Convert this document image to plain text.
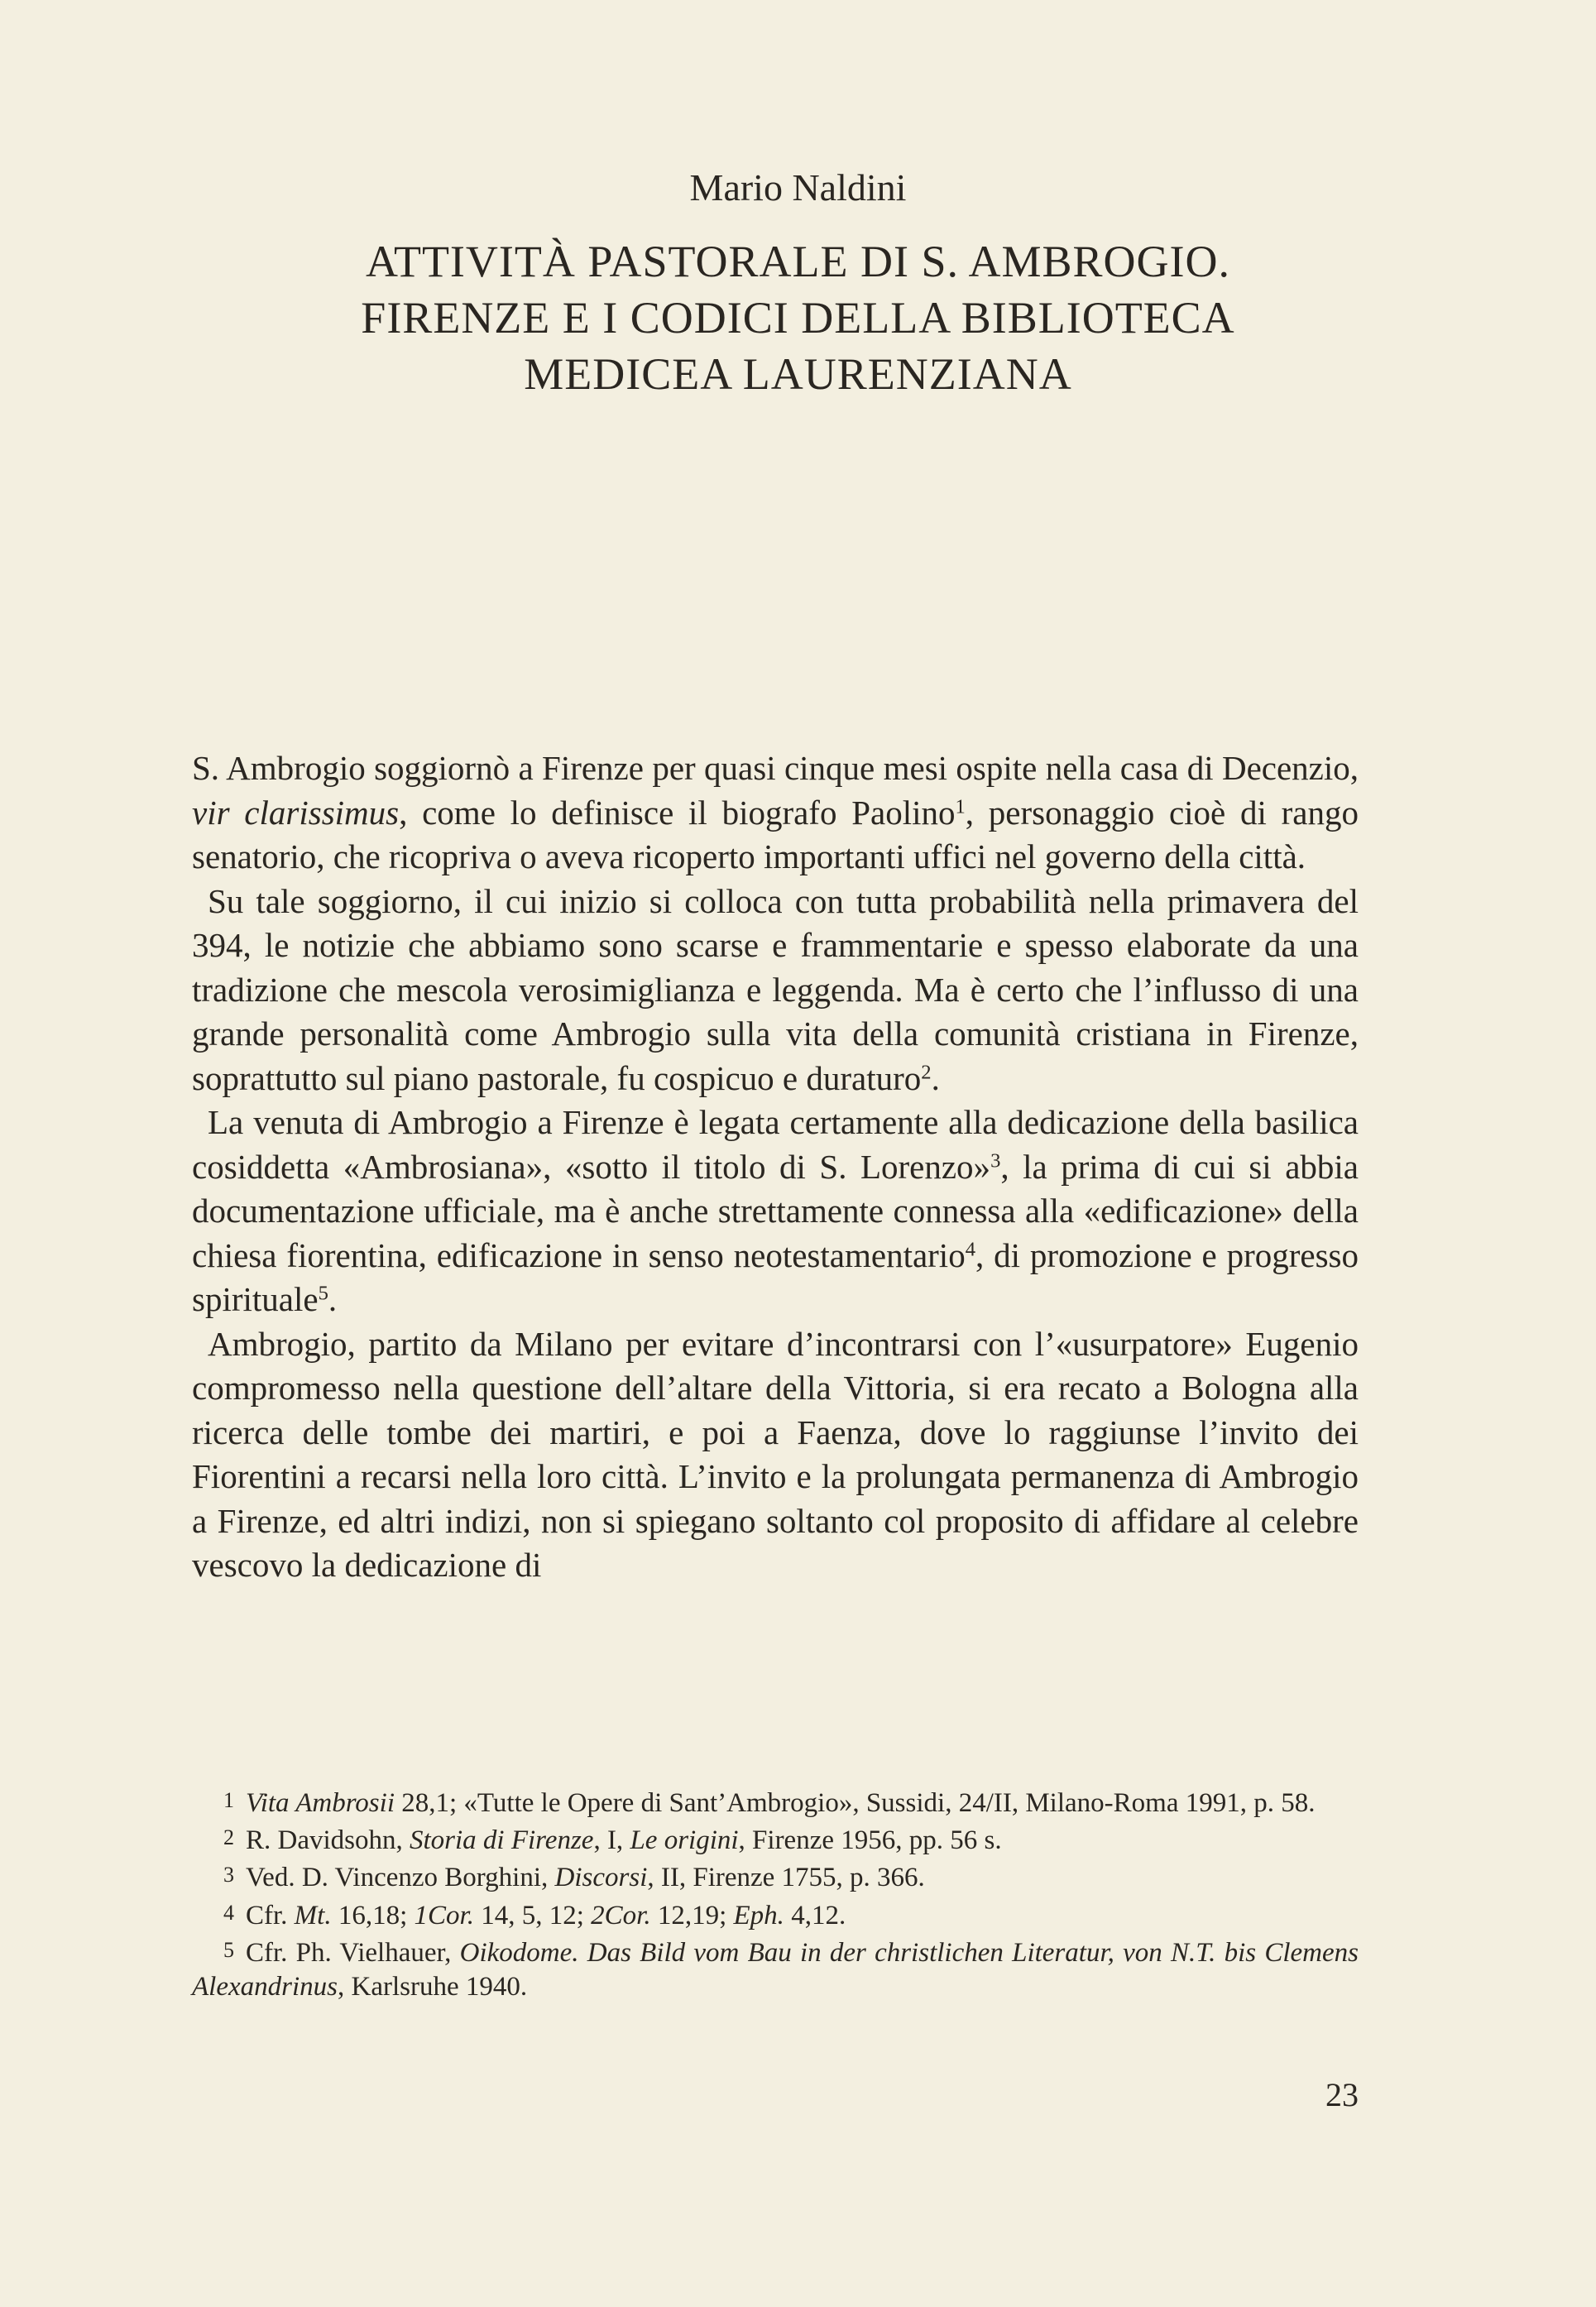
Mario Naldini
ATTIVITÀ PASTORALE DI S. AMBROGIO.
FIRENZE E I CODICI DELLA BIBLIOTECA
MEDICEA LAURENZIANA

S. Ambrogio soggiornò a Firenze per quasi cinque mesi ospite nella casa di Decenzio, vir clarissimus, come lo definisce il biografo Paolino$^1$, personaggio cioè di rango senatorio, che ricopriva o aveva ricoperto importanti uffici nel governo della città.

Su tale soggiorno, il cui inizio si colloca con tutta probabilità nella primavera del 394, le notizie che abbiamo sono scarse e frammentarie e spesso elaborate da una tradizione che mescola verosimiglianza e leggenda. Ma è certo che l’influsso di una grande personalità come Ambrogio sulla vita della comunità cristiana in Firenze, soprattutto sul piano pastorale, fu cospicuo e duraturo$^2$.

La venuta di Ambrogio a Firenze è legata certamente alla dedicazione della basilica cosiddetta «Ambrosiana», «sotto il titolo di S. Lorenzo»$^3$, la prima di cui si abbia documentazione ufficiale, ma è anche strettamente connessa alla «edificazione» della chiesa fiorentina, edificazione in senso neotestamentario$^4$, di promozione e progresso spirituale$^5$.

Ambrogio, partito da Milano per evitare d’incontrarsi con l’«usurpatore» Eugenio compromesso nella questione dell’altare della Vittoria, si era recato a Bologna alla ricerca delle tombe dei martiri, e poi a Faenza, dove lo raggiunse l’invito dei Fiorentini a recarsi nella loro città. L’invito e la prolungata permanenza di Ambrogio a Firenze, ed altri indizi, non si spiegano soltanto col proposito di affidare al celebre vescovo la dedicazione di

1 Vita Ambrosii 28,1; «Tutte le Opere di Sant’Ambrogio», Sussidi, 24/II, Milano-Roma 1991, p. 58.

2 R. Davidsohn, Storia di Firenze, I, Le origini, Firenze 1956, pp. 56 s.

3 Ved. D. Vincenzo Borghini, Discorsi, II, Firenze 1755, p. 366.

4 Cfr. Mt. 16,18; 1Cor. 14, 5, 12; 2Cor. 12,19; Eph. 4,12.

5 Cfr. Ph. Vielhauer, Oikodome. Das Bild vom Bau in der christlichen Literatur, von N.T. bis Clemens Alexandrinus, Karlsruhe 1940.

23
